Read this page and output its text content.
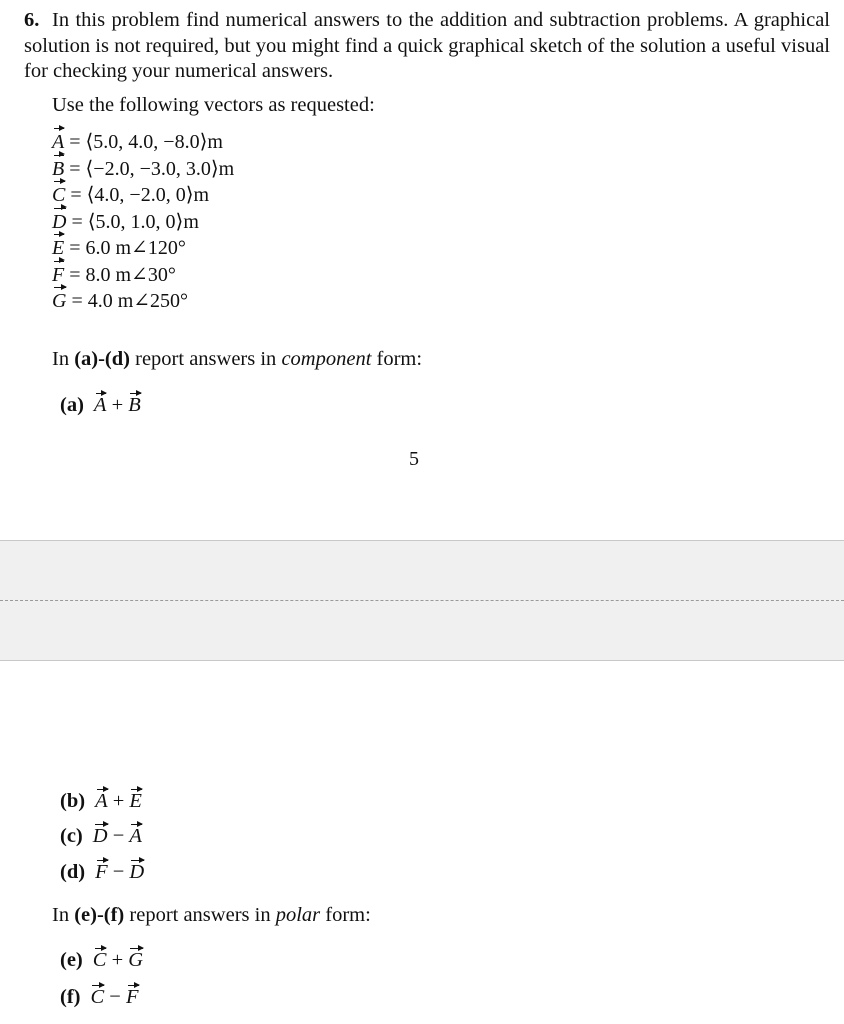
6. In this problem find numerical answers to the addition and subtraction problems. A graphical solution is not required, but you might find a quick graphical sketch of the solution a useful visual for checking your numerical answers.
Use the following vectors as requested:
A = ⟨5.0, 4.0, −8.0⟩m
B = ⟨−2.0, −3.0, 3.0⟩m
C = ⟨4.0, −2.0, 0⟩m
D = ⟨5.0, 1.0, 0⟩m
E = 6.0 m∠120°
F = 8.0 m∠30°
G = 4.0 m∠250°
In (a)-(d) report answers in component form:
(a) A + B
5
(b) A + E
(c) D − A
(d) F − D
In (e)-(f) report answers in polar form:
(e) C + G
(f) C − F
